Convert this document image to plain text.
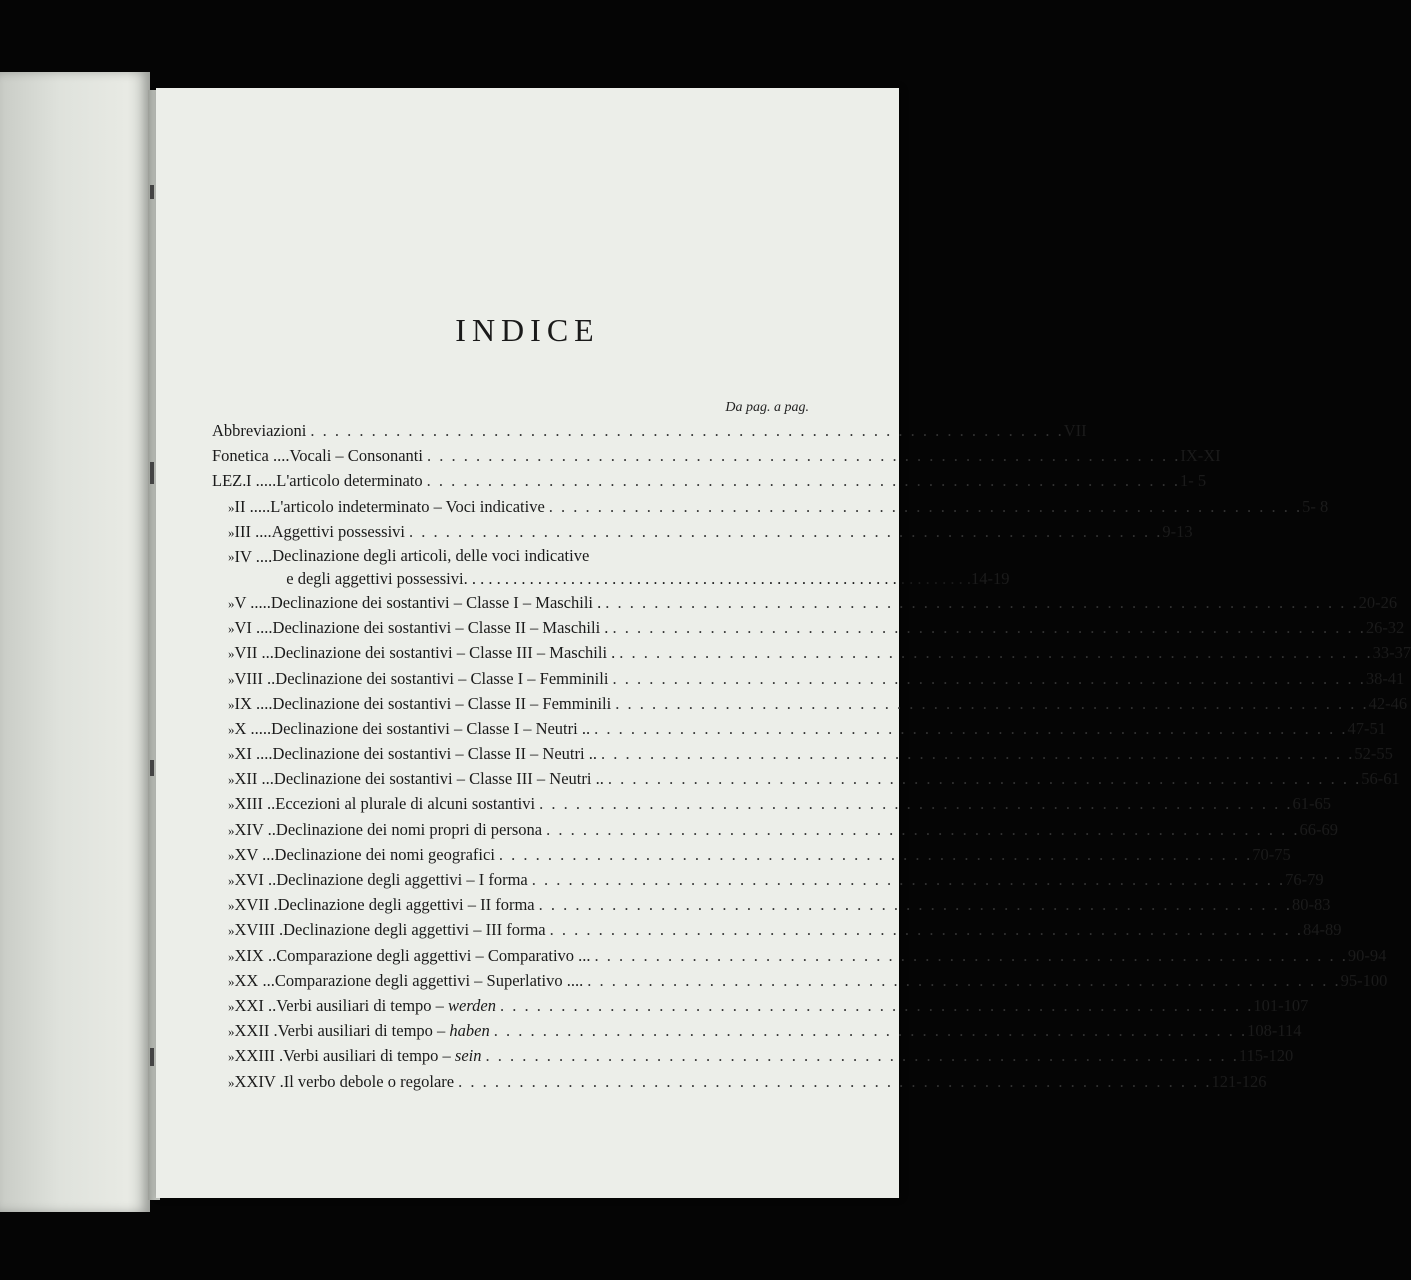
INDICE
Da pag. a pag.
Abbreviazioni . . . . . . . . . . . . . . . . . . . . . . . . . . . . . . . . . . . . . . . . . . . . . . . . . . . . . . . . . . . . . . VII
Fonetica .... Vocali – Consonanti . . . . . . . . . . . . . . . . . . . . . . . . . . . . . . . . . . . . . . . . . . . . . . . . . . . . . . . . . . . . . . IX-XI
LEZ. I ..... L'articolo determinato . . . . . . . . . . . . . . . . . . . . . . . . . . . . . . . . . . . . . . . . . . . . . . . . . . . . . . . . . . . . . . 1- 5
» II ..... L'articolo indeterminato – Voci indicative . . . . . . . . . . . . . . . . . . . . . . . . . . . . . . . . . . . . . . . . . . . . . . . . . . . . . . . . . . . . . . 5- 8
» III .... Aggettivi possessivi . . . . . . . . . . . . . . . . . . . . . . . . . . . . . . . . . . . . . . . . . . . . . . . . . . . . . . . . . . . . . . 9-13
» IV .... Declinazione degli articoli, delle voci indicative
e degli aggettivi possessivi . . . . . . . . . . . . . . . . . . . . . . . . . . . . . . . . . . . . . . . . . . . . . . . . . . . . . . . . . . . . . . 14-19
» V ..... Declinazione dei sostantivi – Classe I – Maschili . . . . . . . . . . . . . . . . . . . . . . . . . . . . . . . . . . . . . . . . . . . . . . . . . . . . . . . . . . . . . . . 20-26
» VI .... Declinazione dei sostantivi – Classe II – Maschili . . . . . . . . . . . . . . . . . . . . . . . . . . . . . . . . . . . . . . . . . . . . . . . . . . . . . . . . . . . . . . . 26-32
» VII ... Declinazione dei sostantivi – Classe III – Maschili . . . . . . . . . . . . . . . . . . . . . . . . . . . . . . . . . . . . . . . . . . . . . . . . . . . . . . . . . . . . . . . 33-37
» VIII .. Declinazione dei sostantivi – Classe I – Femminili . . . . . . . . . . . . . . . . . . . . . . . . . . . . . . . . . . . . . . . . . . . . . . . . . . . . . . . . . . . . . . 38-41
» IX .... Declinazione dei sostantivi – Classe II – Femminili . . . . . . . . . . . . . . . . . . . . . . . . . . . . . . . . . . . . . . . . . . . . . . . . . . . . . . . . . . . . . . 42-46
» X ..... Declinazione dei sostantivi – Classe I – Neutri .. . . . . . . . . . . . . . . . . . . . . . . . . . . . . . . . . . . . . . . . . . . . . . . . . . . . . . . . . . . . . . . 47-51
» XI .... Declinazione dei sostantivi – Classe II – Neutri .. . . . . . . . . . . . . . . . . . . . . . . . . . . . . . . . . . . . . . . . . . . . . . . . . . . . . . . . . . . . . . . 52-55
» XII ... Declinazione dei sostantivi – Classe III – Neutri .. . . . . . . . . . . . . . . . . . . . . . . . . . . . . . . . . . . . . . . . . . . . . . . . . . . . . . . . . . . . . . . 56-61
» XIII .. Eccezioni al plurale di alcuni sostantivi . . . . . . . . . . . . . . . . . . . . . . . . . . . . . . . . . . . . . . . . . . . . . . . . . . . . . . . . . . . . . . 61-65
» XIV .. Declinazione dei nomi propri di persona . . . . . . . . . . . . . . . . . . . . . . . . . . . . . . . . . . . . . . . . . . . . . . . . . . . . . . . . . . . . . . 66-69
» XV ... Declinazione dei nomi geografici . . . . . . . . . . . . . . . . . . . . . . . . . . . . . . . . . . . . . . . . . . . . . . . . . . . . . . . . . . . . . . 70-75
» XVI .. Declinazione degli aggettivi – I forma . . . . . . . . . . . . . . . . . . . . . . . . . . . . . . . . . . . . . . . . . . . . . . . . . . . . . . . . . . . . . . 76-79
» XVII . Declinazione degli aggettivi – II forma . . . . . . . . . . . . . . . . . . . . . . . . . . . . . . . . . . . . . . . . . . . . . . . . . . . . . . . . . . . . . . 80-83
» XVIII . Declinazione degli aggettivi – III forma . . . . . . . . . . . . . . . . . . . . . . . . . . . . . . . . . . . . . . . . . . . . . . . . . . . . . . . . . . . . . . 84-89
» XIX .. Comparazione degli aggettivi – Comparativo ... . . . . . . . . . . . . . . . . . . . . . . . . . . . . . . . . . . . . . . . . . . . . . . . . . . . . . . . . . . . . . . 90-94
» XX ... Comparazione degli aggettivi – Superlativo .... . . . . . . . . . . . . . . . . . . . . . . . . . . . . . . . . . . . . . . . . . . . . . . . . . . . . . . . . . . . . . . 95-100
» XXI .. Verbi ausiliari di tempo – werden . . . . . . . . . . . . . . . . . . . . . . . . . . . . . . . . . . . . . . . . . . . . . . . . . . . . . . . . . . . . . . 101-107
» XXII . Verbi ausiliari di tempo – haben . . . . . . . . . . . . . . . . . . . . . . . . . . . . . . . . . . . . . . . . . . . . . . . . . . . . . . . . . . . . . . 108-114
» XXIII . Verbi ausiliari di tempo – sein . . . . . . . . . . . . . . . . . . . . . . . . . . . . . . . . . . . . . . . . . . . . . . . . . . . . . . . . . . . . . . 115-120
» XXIV . Il verbo debole o regolare . . . . . . . . . . . . . . . . . . . . . . . . . . . . . . . . . . . . . . . . . . . . . . . . . . . . . . . . . . . . . . 121-126
